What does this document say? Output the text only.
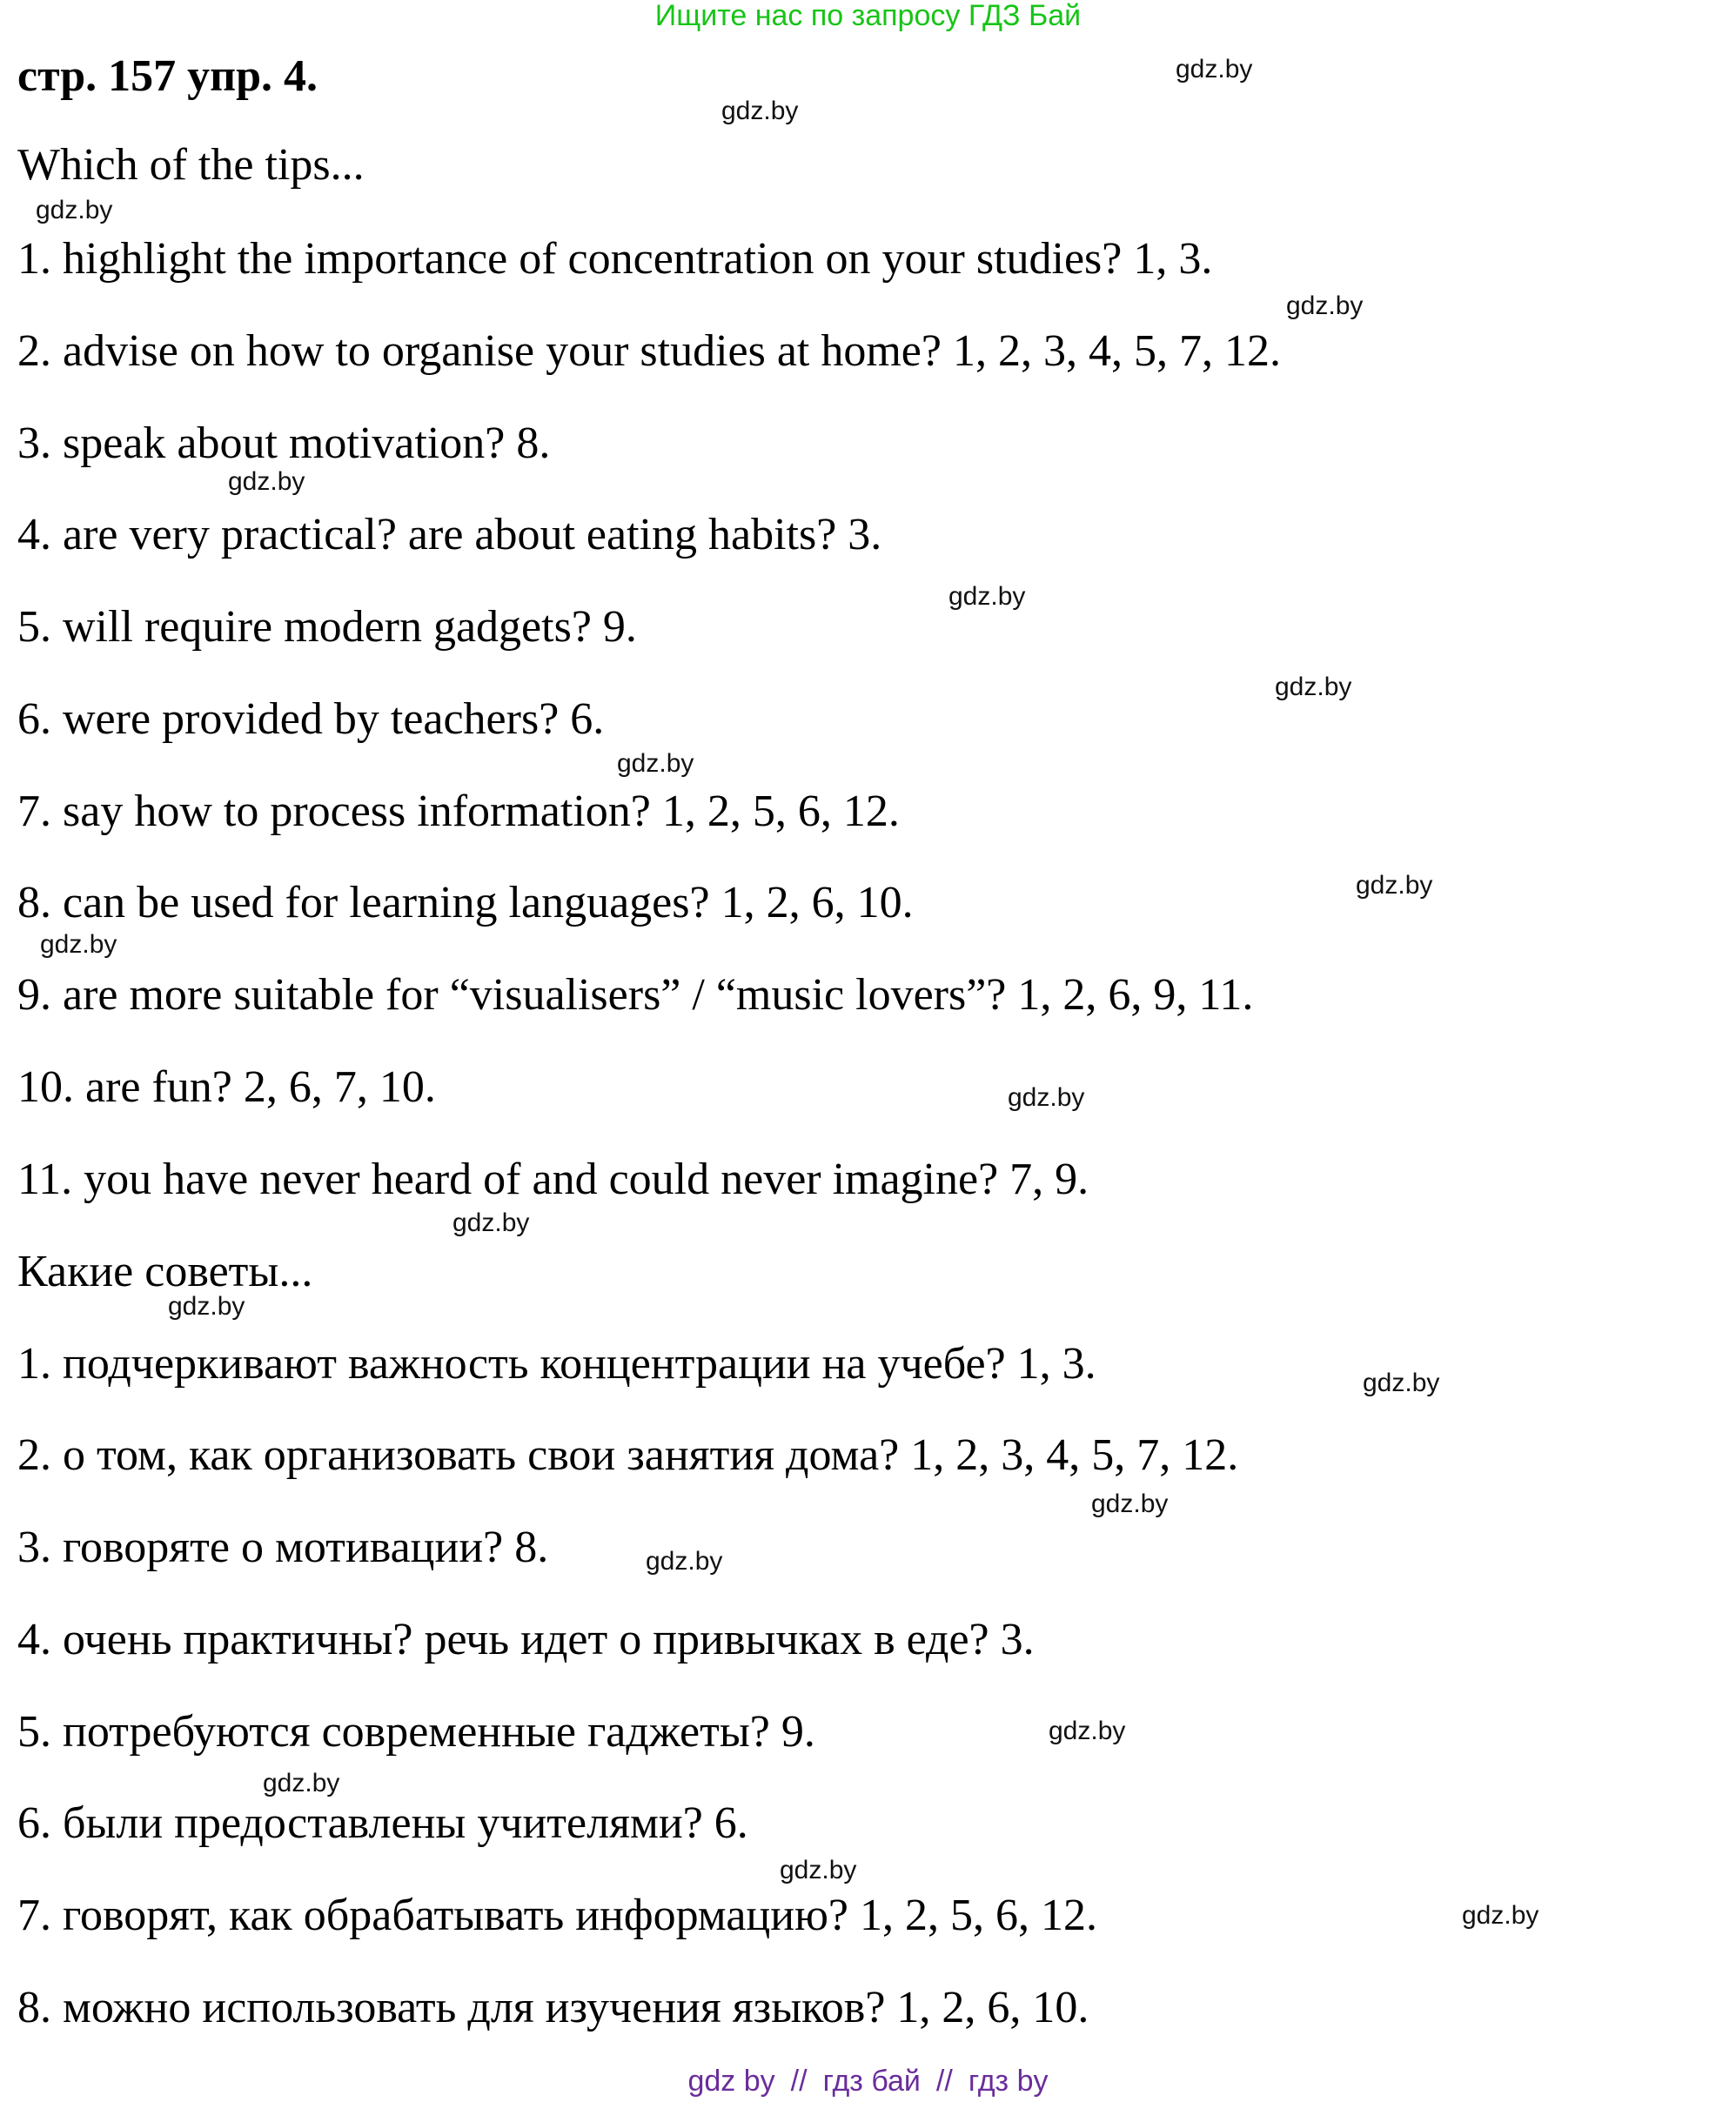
Ищите нас по запросу ГДЗ Бай
стр. 157 упр. 4.
Which of the tips...
1. highlight the importance of concentration on your studies? 1, 3.
2. advise on how to organise your studies at home? 1, 2, 3, 4, 5, 7, 12.
3. speak about motivation? 8.
4. are very practical? are about eating habits? 3.
5. will require modern gadgets? 9.
6. were provided by teachers? 6.
7. say how to process information? 1, 2, 5, 6, 12.
8. can be used for learning languages? 1, 2, 6, 10.
9. are more suitable for “visualisers” / “music lovers”? 1, 2, 6, 9, 11.
10. are fun? 2, 6, 7, 10.
11. you have never heard of and could never imagine? 7, 9.
Какие советы...
1. подчеркивают важность концентрации на учебе? 1, 3.
2. о том, как организовать свои занятия дома? 1, 2, 3, 4, 5, 7, 12.
3. говоряте о мотивации? 8.
4. очень практичны? речь идет о привычках в еде? 3.
5. потребуются современные гаджеты? 9.
6. были предоставлены учителями? 6.
7. говорят, как обрабатывать информацию? 1, 2, 5, 6, 12.
8. можно использовать для изучения языков? 1, 2, 6, 10.
gdz.by
gdz.by
gdz.by
gdz.by
gdz.by
gdz.by
gdz.by
gdz.by
gdz.by
gdz.by
gdz.by
gdz.by
gdz.by
gdz.by
gdz.by
gdz.by
gdz.by
gdz.by
gdz.by
gdz.by
gdz by // гдз бай // гдз by
